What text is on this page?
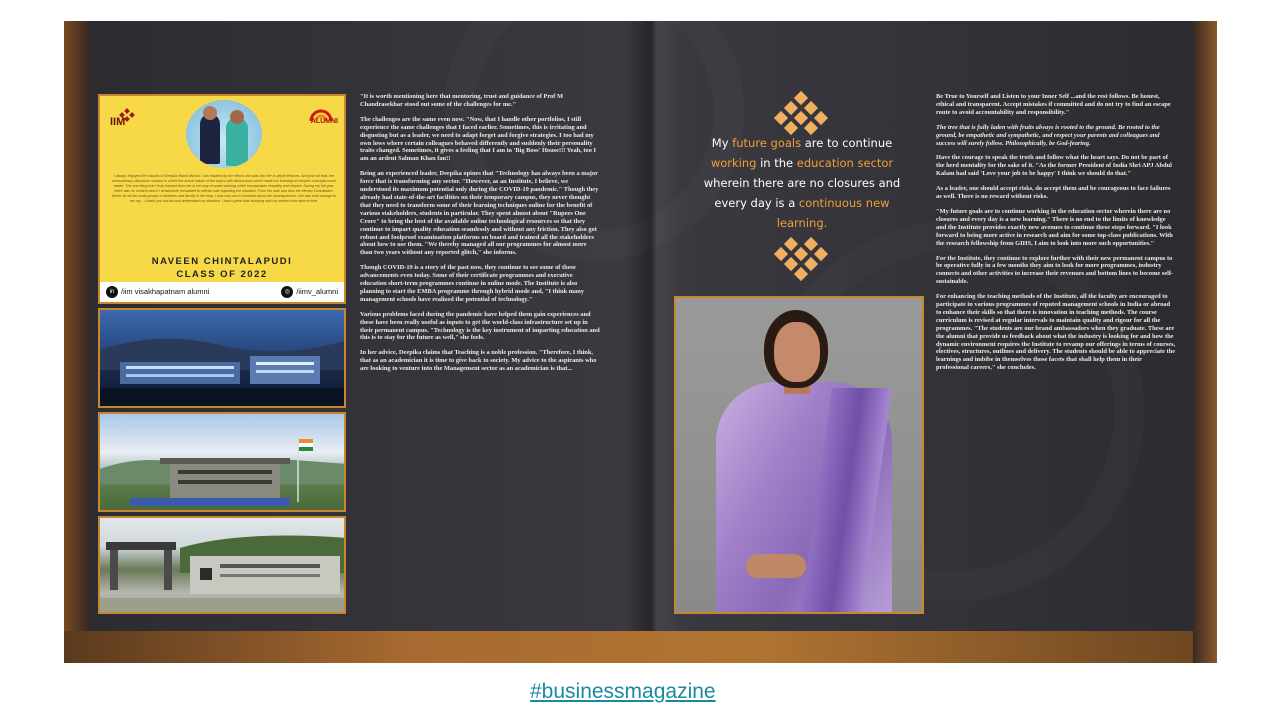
IIM	ALUMNI
I always enjoyed the classes of Deepika Rama Ma'am. I am inspired by the efforts she puts into her in-depth lectures. And just not that, the extraordinary classroom session in which the actual nature of the topics with discussions which made our learning of complex concepts much easier. The one thing that I truly learned from her is her way of smart working which incorporates empathy and respect. During my full year, there was no content which I whatsoever forwarded to official mail regarding the situation. From her side was also the Mentor Coordinator. Never be all the small groups of students and faculty in the loop. I was very much humbled about the consequences, she also took enough to me my... I thank you ma'am and understand my situation. I had a great time studying with my mentor from time to time.
NAVEEN CHINTALAPUDI
CLASS OF 2022
in /iim visakhapatnam alumni	◎ /iimv_alumni

"It is worth mentioning here that mentoring, trust and guidance of Prof M Chandrasekhar stood out some of the challenges for me."

The challenges are the same even now. "Now, that I handle other portfolios, I still experience the same challenges that I faced earlier. Sometimes, this is irritating and disgusting but as a leader, we need to adapt forget and forgive strategies. I too had my own lows where certain colleagues behaved differently and suddenly their personality traits changed. Sometimes, it gives a feeling that I am in 'Big Boss' House!!! Yeah, too I am an ardent Salman Khan fan!!

Being an experienced leader, Deepika opines that "Technology has always been a major force that is transforming any sector. "However, as an Institute, I believe, we understood its maximum potential only during the COVID-19 pandemic." Though they already had state-of-the-art facilities on their temporary campus, they never thought that they need to transform some of their learning techniques online for the benefit of various stakeholders, students in particular. They spent almost about "Rupees One Crore" to bring the best of the available online technological resources so that they continue to impart quality education seamlessly and without any friction. They also got robust and foolproof examination platforms on board and trained all the stakeholders about how to use them. "We thereby managed all our programmes for almost more than two years without any reported glitch," she informs.

Though COVID-19 is a story of the past now, they continue to see some of these advancements even today. Some of their certificate programmes and executive education short-term programmes continue in online mode. The Institute is also planning to start the EMBA programme through hybrid mode and, "I think many management schools have realized the potential of technology."

Various problems faced during the pandemic have helped them gain experiences and these have been really useful as inputs to get the world-class infrastructure set up in their permanent campus. "Technology is the key instrument of imparting education and this is to stay for the future as well," she feels.

In her advice, Deepika claims that Teaching is a noble profession. "Therefore, I think, that as an academician it is time to give back to society. My advice to the aspirants who are looking to venture into the Management sector as an academician is that...

My future goals are to continue working in the education sector wherein there are no closures and every day is a continuous new learning.

Be True to Yourself and Listen to your Inner Self ...and the rest follows. Be honest, ethical and transparent. Accept mistakes if committed and do not try to find an escape route to avoid accountability and responsibility."

The tree that is fully laden with fruits always is rooted to the ground. Be rooted to the ground, be empathetic and sympathetic, and respect your parents and colleagues and success will surely follow. Philosophically, be God-fearing.

Have the courage to speak the truth and follow what the heart says. Do not be part of the herd mentality for the sake of it. "As the former President of India Shri APJ Abdul Kalam had said 'Love your job to be happy' I think we should do that."

As a leader, one should accept risks, do accept them and be courageous to face failures as well. There is no reward without risks.

"My future goals are to continue working in the education sector wherein there are no closures and every day is a new learning." There is no end to the limits of knowledge and the Institute provides exactly new avenues to continue these steps forward. "I look forward to being more active in research and aim for some top-class publications. With the research fellowship from GIHS, I aim to look into more such opportunities."

For the Institute, they continue to explore further with their new permanent campus to be operative fully in a few months they aim to look for more programmes, industry connects and other activities to increase their revenues and bottom lines to become self-sustainable.

For enhancing the teaching methods of the Institute, all the faculty are encouraged to participate in various programmes of reputed management schools in India or abroad to enhance their skills so that there is innovation in teaching methods. The course curriculum is revised at regular intervals to maintain quality and rigour for all the programmes. "The students are our brand ambassadors when they graduate. These are the alumni that provide us feedback about what the industry is looking for and how the dynamic environment requires the Institute to revamp our offerings in terms of courses, electives, structures, outlines and delivery. The students should be able to appreciate the learnings and imbibe in themselves those facets that shall help them in their professional careers," she concludes.

#businessmagazine
